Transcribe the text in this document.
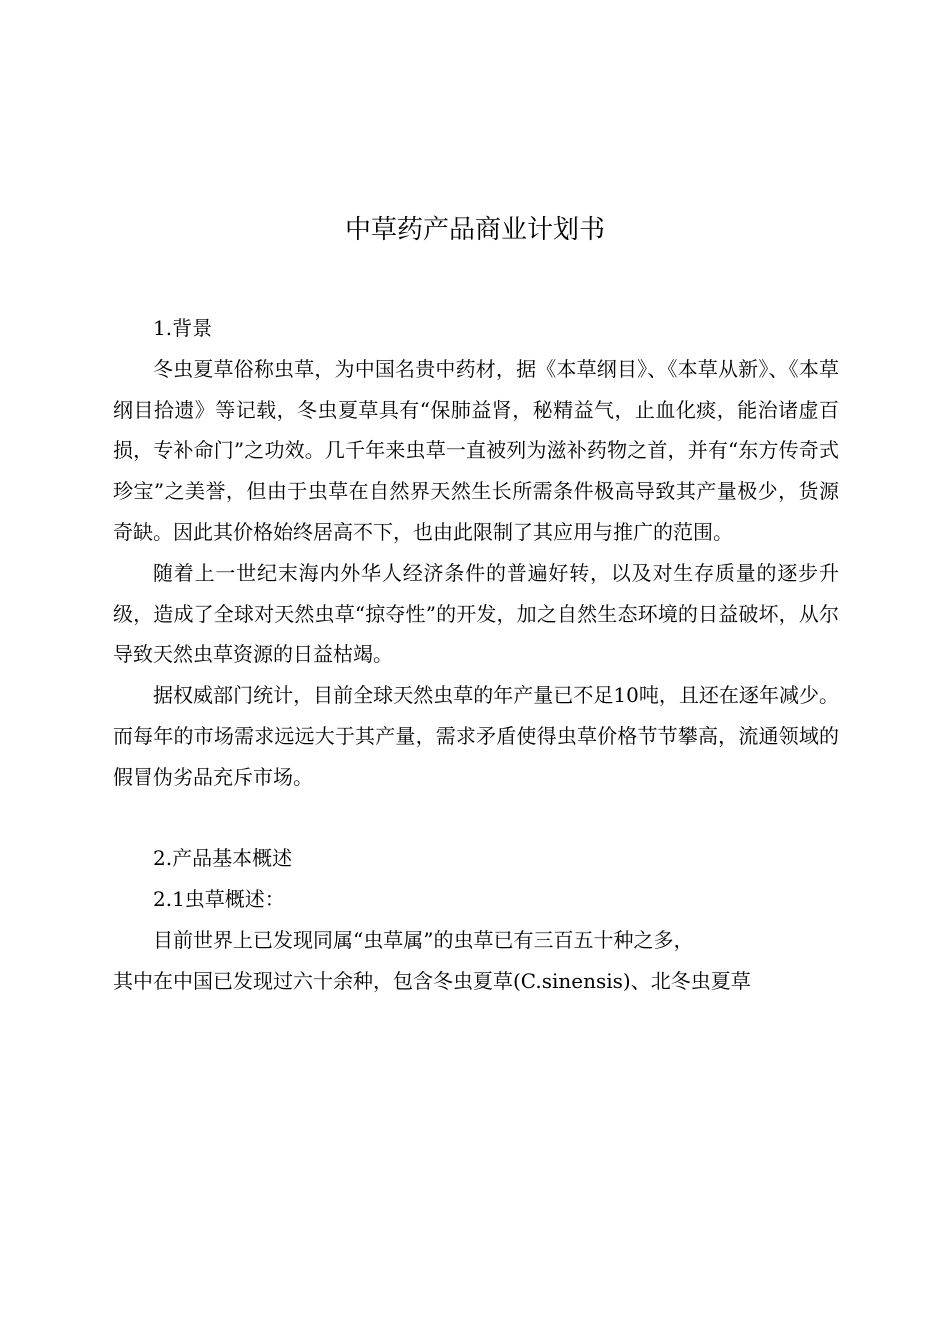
中草药产品商业计划书

1.背景

冬虫夏草俗称虫草，为中国名贵中药材，据《本草纲目》、《本草从新》、《本草纲目拾遗》等记载，冬虫夏草具有“保肺益肾，秘精益气，止血化痰，能治诸虚百损，专补命门”之功效。几千年来虫草一直被列为滋补药物之首，并有“东方传奇式珍宝”之美誉，但由于虫草在自然界天然生长所需条件极高导致其产量极少，货源奇缺。因此其价格始终居高不下，也由此限制了其应用与推广的范围。

随着上一世纪末海内外华人经济条件的普遍好转，以及对生存质量的逐步升级，造成了全球对天然虫草“掠夺性”的开发，加之自然生态环境的日益破坏，从尔导致天然虫草资源的日益枯竭。

据权威部门统计，目前全球天然虫草的年产量已不足10吨，且还在逐年减少。而每年的市场需求远远大于其产量，需求矛盾使得虫草价格节节攀高，流通领域的假冒伪劣品充斥市场。

2.产品基本概述

2.1虫草概述：

目前世界上已发现同属“虫草属”的虫草已有三百五十种之多，

其中在中国已发现过六十余种，包含冬虫夏草(C.sinensis)、北冬虫夏草
